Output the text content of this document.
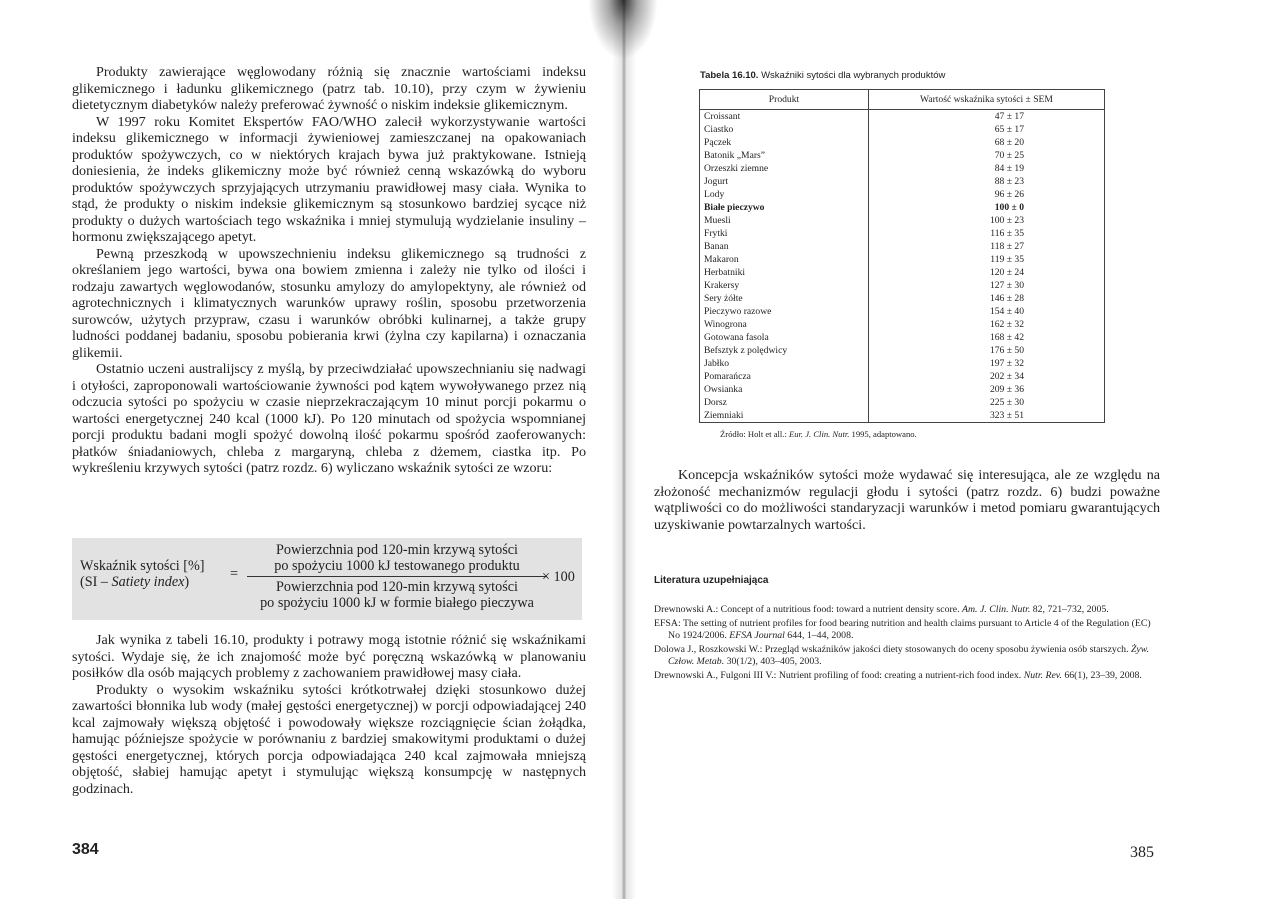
Produkty zawierające węglowodany różnią się znacznie wartościami indeksu glikemicznego i ładunku glikemicznego (patrz tab. 10.10), przy czym w żywieniu dietetycznym diabetyków należy preferować żywność o niskim indeksie glikemicznym.

W 1997 roku Komitet Ekspertów FAO/WHO zalecił wykorzystywanie wartości indeksu glikemicznego w informacji żywieniowej zamieszczanej na opakowaniach produktów spożywczych, co w niektórych krajach bywa już praktykowane. Istnieją doniesienia, że indeks glikemiczny może być również cenną wskazówką do wyboru produktów spożywczych sprzyjających utrzymaniu prawidłowej masy ciała. Wynika to stąd, że produkty o niskim indeksie glikemicznym są stosunkowo bardziej sycące niż produkty o dużych wartościach tego wskaźnika i mniej stymulują wydzielanie insuliny – hormonu zwiększającego apetyt.

Pewną przeszkodą w upowszechnieniu indeksu glikemicznego są trudności z określaniem jego wartości, bywa ona bowiem zmienna i zależy nie tylko od ilości i rodzaju zawartych węglowodanów, stosunku amylozy do amylopektyny, ale również od agrotechnicznych i klimatycznych warunków uprawy roślin, sposobu przetworzenia surowców, użytych przypraw, czasu i warunków obróbki kulinarnej, a także grupy ludności poddanej badaniu, sposobu pobierania krwi (żylna czy kapilarna) i oznaczania glikemii.

Ostatnio uczeni australijscy z myślą, by przeciwdziałać upowszechnianiu się nadwagi i otyłości, zaproponowali wartościowanie żywności pod kątem wywoływanego przez nią odczucia sytości po spożyciu w czasie nieprzekraczającym 10 minut porcji pokarmu o wartości energetycznej 240 kcal (1000 kJ). Po 120 minutach od spożycia wspomnianej porcji produktu badani mogli spożyć dowolną ilość pokarmu spośród zaoferowanych: płatków śniadaniowych, chleba z margaryną, chleba z dżemem, ciastka itp. Po wykreśleniu krzywych sytości (patrz rozdz. 6) wyliczano wskaźnik sytości ze wzoru:

Wskaźnik sytości [%]
(SI – Satiety index)	=
Powierzchnia pod 120-min krzywą sytości
po spożyciu 1000 kJ testowanego produktu
Powierzchnia pod 120-min krzywą sytości
po spożyciu 1000 kJ w formie białego pieczywa
× 100

Jak wynika z tabeli 16.10, produkty i potrawy mogą istotnie różnić się wskaźnikami sytości. Wydaje się, że ich znajomość może być poręczną wskazówką w planowaniu posiłków dla osób mających problemy z zachowaniem prawidłowej masy ciała.

Produkty o wysokim wskaźniku sytości krótkotrwałej dzięki stosunkowo dużej zawartości błonnika lub wody (małej gęstości energetycznej) w porcji odpowiadającej 240 kcal zajmowały większą objętość i powodowały większe rozciągnięcie ścian żołądka, hamując późniejsze spożycie w porównaniu z bardziej smakowitymi produktami o dużej gęstości energetycznej, których porcja odpowiadająca 240 kcal zajmowała mniejszą objętość, słabiej hamując apetyt i stymulując większą konsumpcję w następnych godzinach.

384
Tabela 16.10. Wskaźniki sytości dla wybranych produktów
Produkt	Wartość wskaźnika sytości ± SEM
Croissant	47 ± 17
Ciastko	65 ± 17
Pączek	68 ± 20
Batonik „Mars”	70 ± 25
Orzeszki ziemne	84 ± 19
Jogurt	88 ± 23
Lody	96 ± 26
Białe pieczywo	100 ± 0
Muesli	100 ± 23
Frytki	116 ± 35
Banan	118 ± 27
Makaron	119 ± 35
Herbatniki	120 ± 24
Krakersy	127 ± 30
Sery żółte	146 ± 28
Pieczywo razowe	154 ± 40
Winogrona	162 ± 32
Gotowana fasola	168 ± 42
Befsztyk z polędwicy	176 ± 50
Jabłko	197 ± 32
Pomarańcza	202 ± 34
Owsianka	209 ± 36
Dorsz	225 ± 30
Ziemniaki	323 ± 51
Źródło: Holt et all.: Eur. J. Clin. Nutr. 1995, adaptowano.

Koncepcja wskaźników sytości może wydawać się interesująca, ale ze względu na złożoność mechanizmów regulacji głodu i sytości (patrz rozdz. 6) budzi poważne wątpliwości co do możliwości standaryzacji warunków i metod pomiaru gwarantujących uzyskiwanie powtarzalnych wartości.

Literatura uzupełniająca

Drewnowski A.: Concept of a nutritious food: toward a nutrient density score. Am. J. Clin. Nutr. 82, 721–732, 2005.

EFSA: The setting of nutrient profiles for food bearing nutrition and health claims pursuant to Article 4 of the Regulation (EC) No 1924/2006. EFSA Journal 644, 1–44, 2008.

Dolowa J., Roszkowski W.: Przegląd wskaźników jakości diety stosowanych do oceny sposobu żywienia osób starszych. Żyw. Człow. Metab. 30(1/2), 403–405, 2003.

Drewnowski A., Fulgoni III V.: Nutrient profiling of food: creating a nutrient-rich food index. Nutr. Rev. 66(1), 23–39, 2008.

385
